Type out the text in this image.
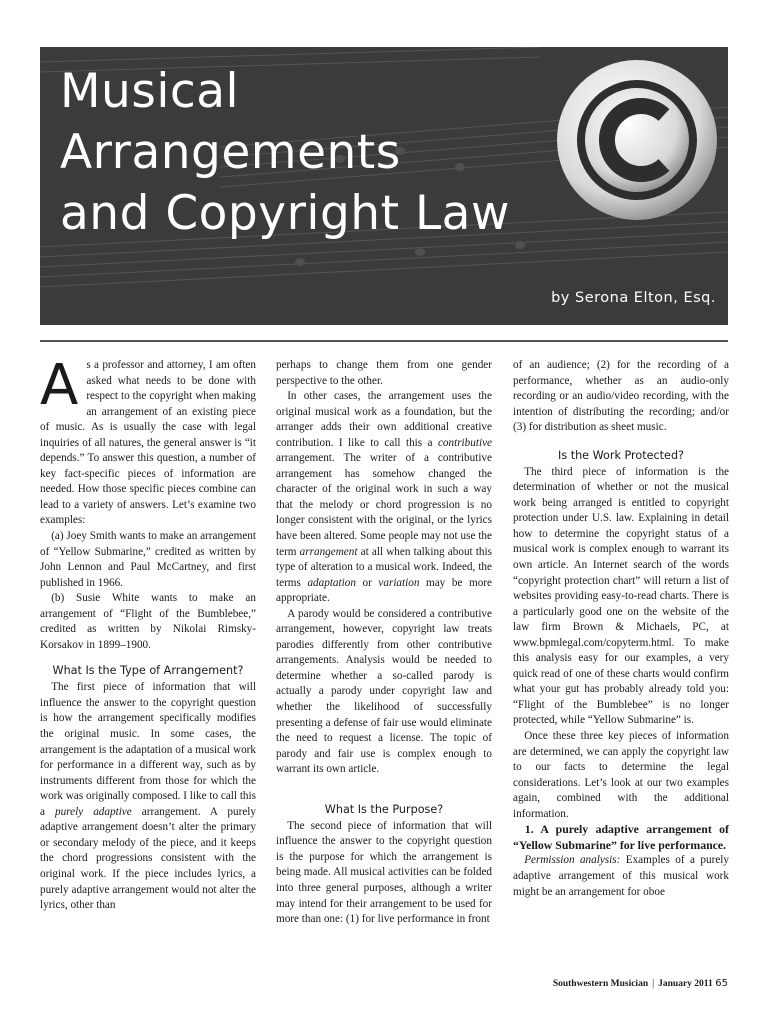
Musical
Arrangements
and Copyright Law
by Serona Elton, Esq.

As a professor and attorney, I am often asked what needs to be done with respect to the copyright when making an arrangement of an existing piece of music. As is usually the case with legal inquiries of all natures, the general answer is “it depends.” To answer this question, a number of key fact-specific pieces of information are needed. How those specific pieces combine can lead to a variety of answers. Let’s examine two examples:

(a) Joey Smith wants to make an arrangement of “Yellow Submarine,” credited as written by John Lennon and Paul McCartney, and first published in 1966.

(b) Susie White wants to make an arrangement of “Flight of the Bumblebee,” credited as written by Nikolai Rimsky-Korsakov in 1899–1900.

What Is the Type of Arrangement?

The first piece of information that will influence the answer to the copyright question is how the arrangement specifically modifies the original music. In some cases, the arrangement is the adaptation of a musical work for performance in a different way, such as by instruments different from those for which the work was originally composed. I like to call this a purely adaptive arrangement. A purely adaptive arrangement doesn’t alter the primary or secondary melody of the piece, and it keeps the chord progressions consistent with the original work. If the piece includes lyrics, a purely adaptive arrangement would not alter the lyrics, other than

perhaps to change them from one gender perspective to the other.

In other cases, the arrangement uses the original musical work as a foundation, but the arranger adds their own additional creative contribution. I like to call this a contributive arrangement. The writer of a contributive arrangement has somehow changed the character of the original work in such a way that the melody or chord progression is no longer consistent with the original, or the lyrics have been altered. Some people may not use the term arrangement at all when talking about this type of alteration to a musical work. Indeed, the terms adaptation or variation may be more appropriate.

A parody would be considered a contributive arrangement, however, copyright law treats parodies differently from other contributive arrangements. Analysis would be needed to determine whether a so-called parody is actually a parody under copyright law and whether the likelihood of successfully presenting a defense of fair use would eliminate the need to request a license. The topic of parody and fair use is complex enough to warrant its own article.

What Is the Purpose?

The second piece of information that will influence the answer to the copyright question is the purpose for which the arrangement is being made. All musical activities can be folded into three general purposes, although a writer may intend for their arrangement to be used for more than one: (1) for live performance in front

of an audience; (2) for the recording of a performance, whether as an audio-only recording or an audio/video recording, with the intention of distributing the recording; and/or (3) for distribution as sheet music.

Is the Work Protected?

The third piece of information is the determination of whether or not the musical work being arranged is entitled to copyright protection under U.S. law. Explaining in detail how to determine the copyright status of a musical work is complex enough to warrant its own article. An Internet search of the words “copyright protection chart” will return a list of websites providing easy-to-read charts. There is a particularly good one on the website of the law firm Brown & Michaels, PC, at www.bpmlegal.com/copyterm.html. To make this analysis easy for our examples, a very quick read of one of these charts would confirm what your gut has probably already told you: “Flight of the Bumblebee” is no longer protected, while “Yellow Submarine” is.

Once these three key pieces of information are determined, we can apply the copyright law to our facts to determine the legal considerations. Let’s look at our two examples again, combined with the additional information.

1. A purely adaptive arrangement of “Yellow Submarine” for live performance.

Permission analysis: Examples of a purely adaptive arrangement of this musical work might be an arrangement for oboe

Southwestern Musician | January 2011 65
